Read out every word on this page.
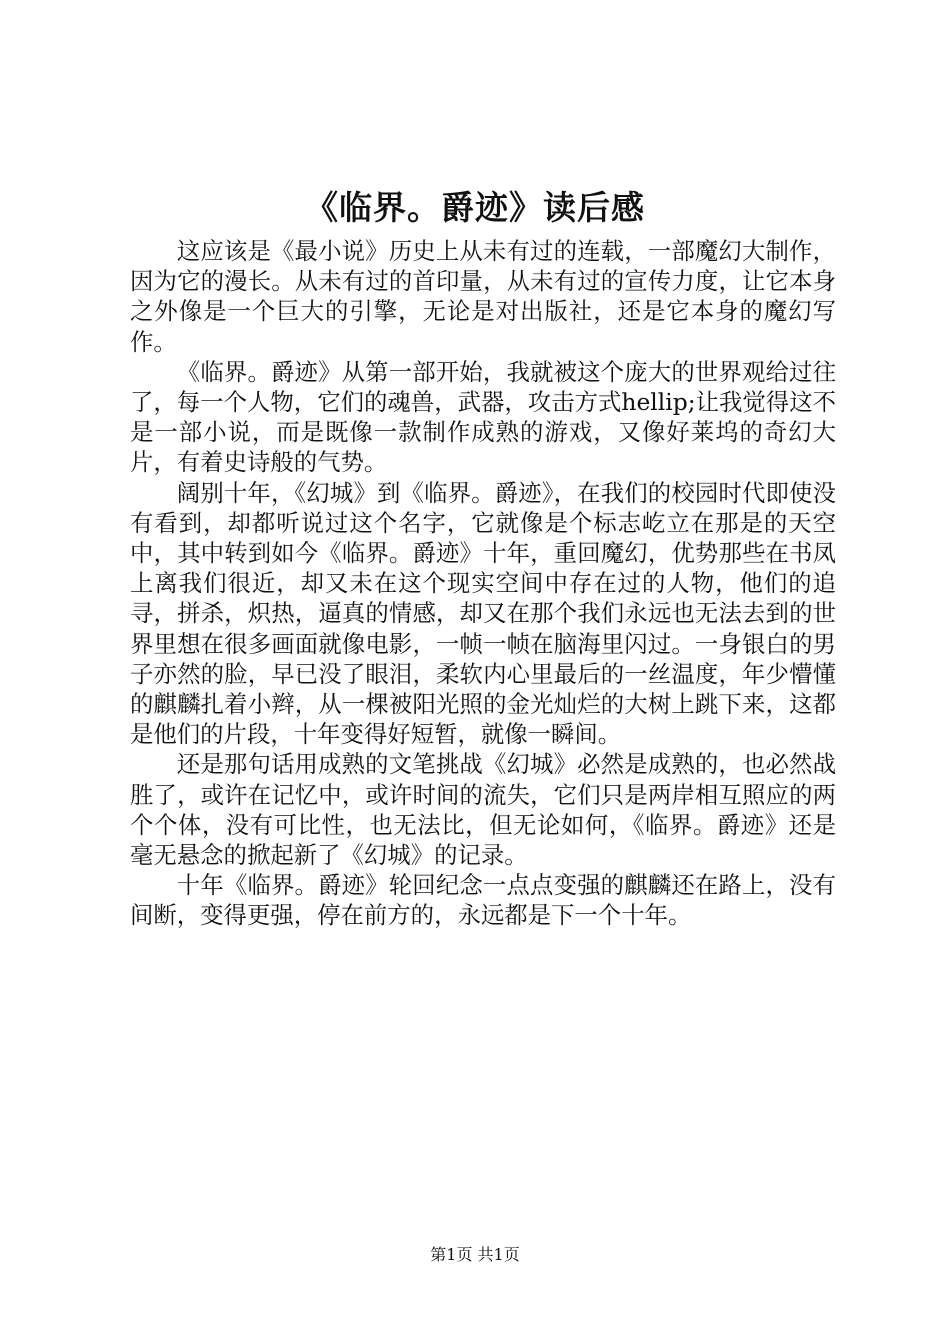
《临界。爵迹》读后感

这应该是《最小说》历史上从未有过的连载，一部魔幻大制作，因为它的漫长。从未有过的首印量，从未有过的宣传力度，让它本身之外像是一个巨大的引擎，无论是对出版社，还是它本身的魔幻写作。

《临界。爵迹》从第一部开始，我就被这个庞大的世界观给过往了，每一个人物，它们的魂兽，武器，攻击方式hellip;让我觉得这不是一部小说，而是既像一款制作成熟的游戏，又像好莱坞的奇幻大片，有着史诗般的气势。

阔别十年，《幻城》到《临界。爵迹》，在我们的校园时代即使没有看到，却都听说过这个名字，它就像是个标志屹立在那是的天空中，其中转到如今《临界。爵迹》十年，重回魔幻，优势那些在书凤上离我们很近，却又未在这个现实空间中存在过的人物，他们的追寻，拼杀，炽热，逼真的情感，却又在那个我们永远也无法去到的世界里想在很多画面就像电影，一帧一帧在脑海里闪过。一身银白的男子亦然的脸，早已没了眼泪，柔软内心里最后的一丝温度，年少懵懂的麒麟扎着小辫，从一棵被阳光照的金光灿烂的大树上跳下来，这都是他们的片段，十年变得好短暂，就像一瞬间。

还是那句话用成熟的文笔挑战《幻城》必然是成熟的，也必然战胜了，或许在记忆中，或许时间的流失，它们只是两岸相互照应的两个个体，没有可比性，也无法比，但无论如何，《临界。爵迹》还是毫无悬念的掀起新了《幻城》的记录。

十年《临界。爵迹》轮回纪念一点点变强的麒麟还在路上，没有间断，变得更强，停在前方的，永远都是下一个十年。

第1页 共1页
